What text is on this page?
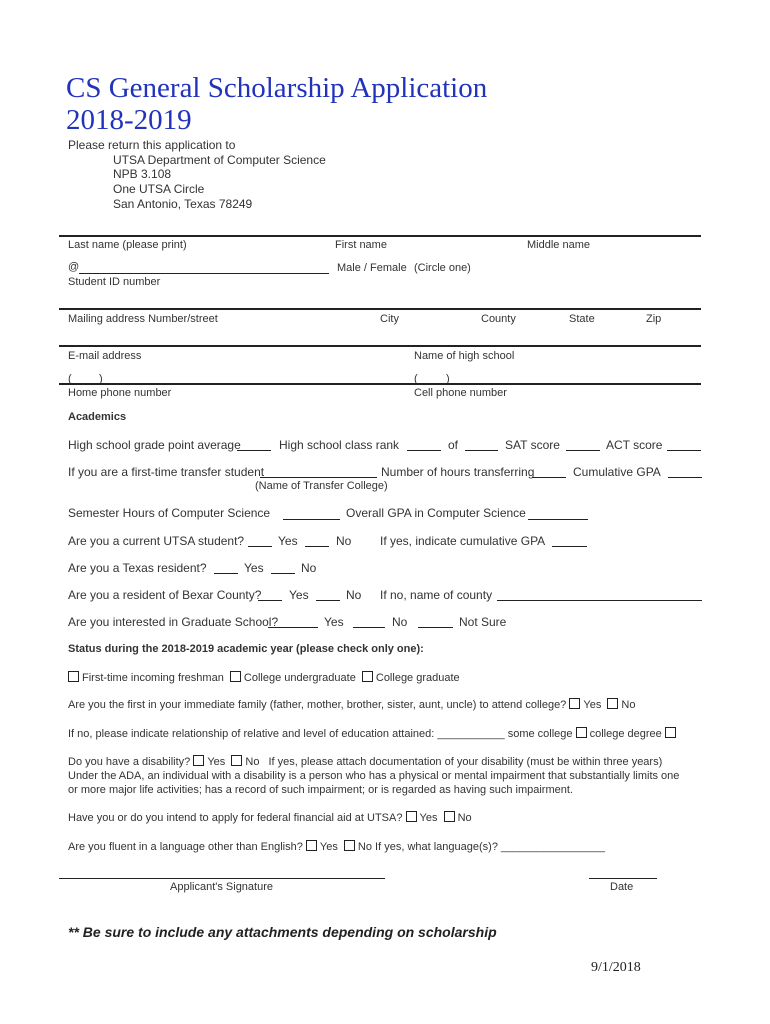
CS General Scholarship Application
2018-2019
Please return this application to
UTSA Department of Computer Science
NPB 3.108
One UTSA Circle
San Antonio, Texas 78249
Last name (please print)	First name	Middle name
@	Male / Female (Circle one)
Student ID number
Mailing address Number/street	City	County	State	Zip
E-mail address	Name of high school
( )	(	)
Home phone number	Cell phone number
Academics
High school grade point average	High school class rank	of	SAT score	ACT score
If you are a first-time transfer student	Number of hours transferring	Cumulative GPA
(Name of Transfer College)
Semester Hours of Computer Science	Overall GPA in Computer Science
Are you a current UTSA student?	Yes	No If yes, indicate cumulative GPA
Are you a Texas resident?	Yes	No
Are you a resident of Bexar County? Yes	No If no, name of county
Are you interested in Graduate School?	Yes	No	Not Sure
Status during the 2018-2019 academic year (please check only one):
First-time incoming freshman College undergraduate College graduate
Are you the first in your immediate family (father, mother, brother, sister, aunt, uncle) to attend college? Yes No
If no, please indicate relationship of relative and level of education attained: ___________ some college college degree
Do you have a disability? Yes No If yes, please attach documentation of your disability (must be within three years)
Under the ADA, an individual with a disability is a person who has a physical or mental impairment that substantially limits one
or more major life activities; has a record of such impairment; or is regarded as having such impairment.
Have you or do you intend to apply for federal financial aid at UTSA? Yes No
Are you fluent in a language other than English? Yes No If yes, what language(s)? _________________
Applicant's Signature	Date
** Be sure to include any attachments depending on scholarship
9/1/2018
